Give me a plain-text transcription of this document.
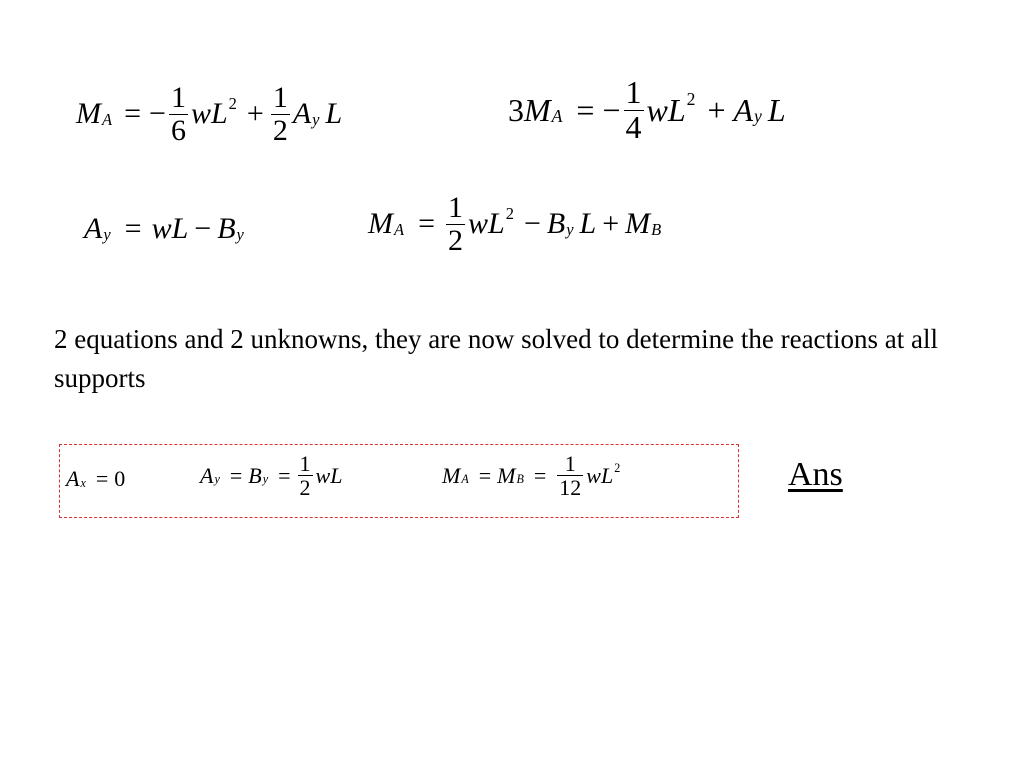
M A = − $\frac{1}{6}$ w L $2 + \frac{1}{2}$ A y L	3 M A = − $\frac{1}{4}$ w L 2 + A y L
A y = w L − B y	M $A = \frac{1}{2}$ w L 2 − B y L + M B
2 equations and 2 unknowns, they are now solved to determine the reactions at all supports
A x = 0	A y = B $y = \frac{1}{2}$ w L	M A = M $B = \frac{1}{12}$ w L 2	Ans
